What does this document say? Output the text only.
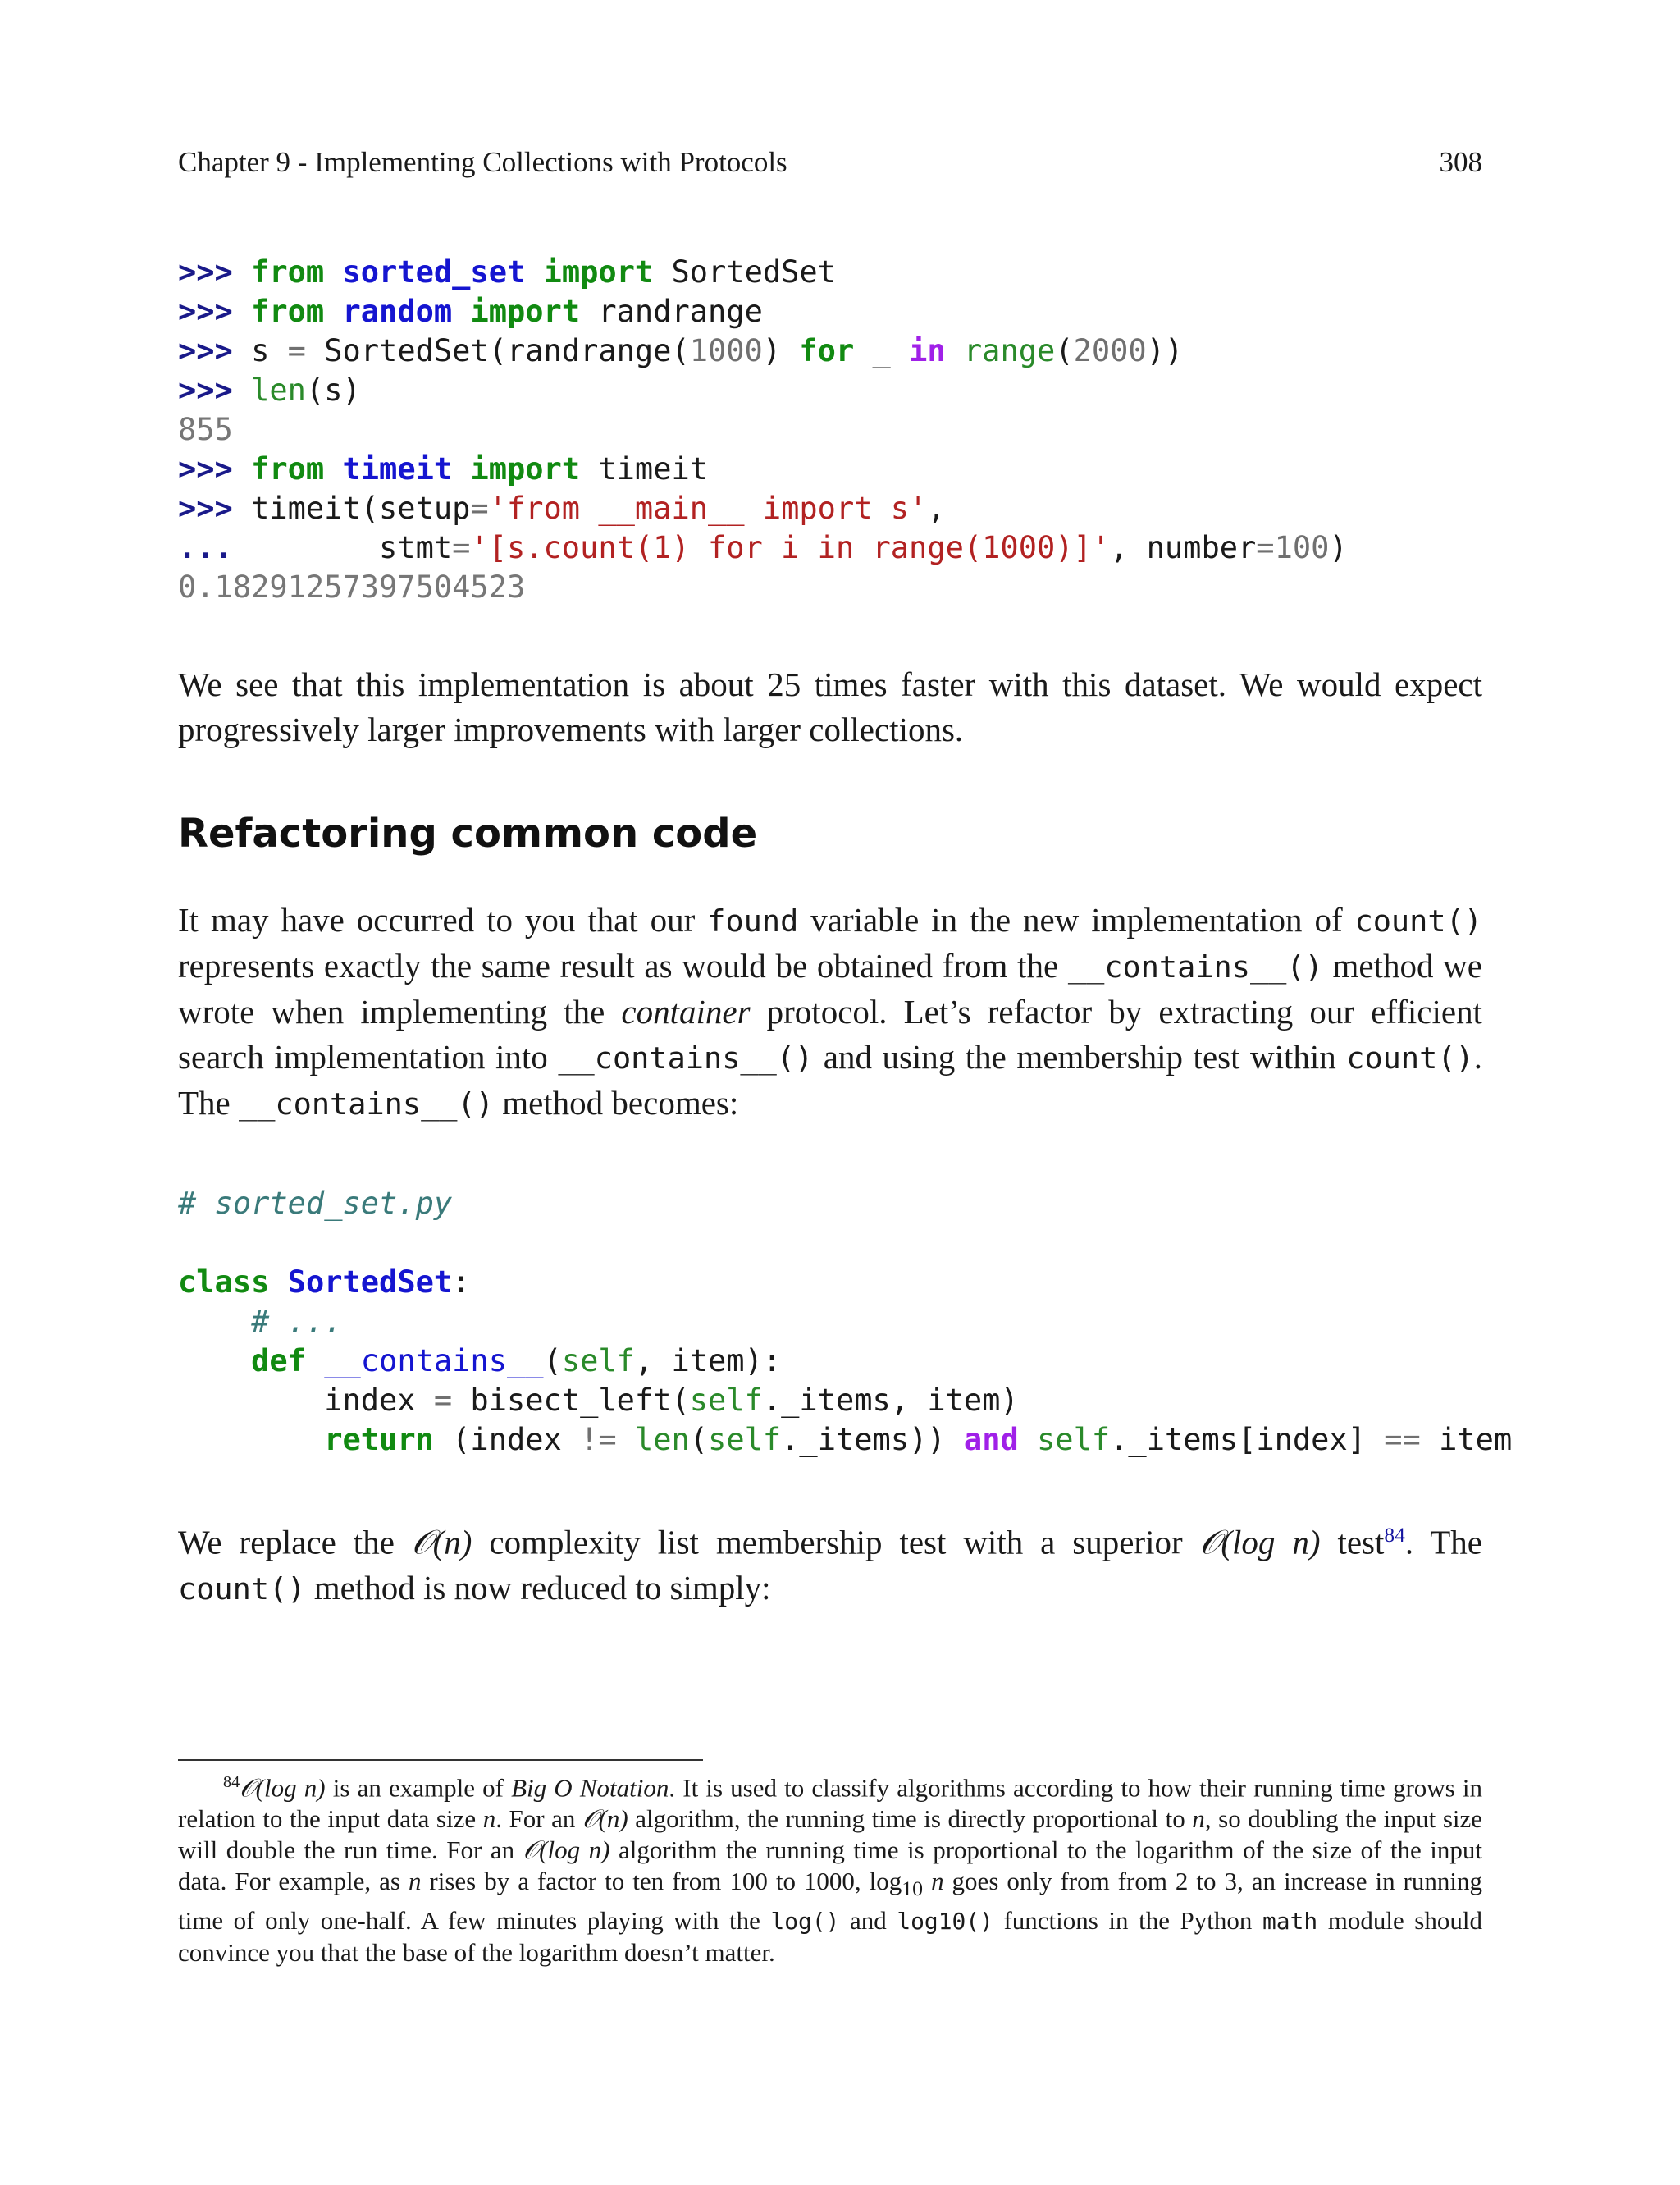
Chapter 9 - Implementing Collections with Protocols	308
>>> from sorted_set import SortedSet
>>> from random import randrange
>>> s = SortedSet(randrange(1000) for _ in range(2000))
>>> len(s)
855
>>> from timeit import timeit
>>> timeit(setup='from __main__ import s',
...        stmt='[s.count(1) for i in range(1000)]', number=100)
0.18291257397504523

We see that this implementation is about 25 times faster with this dataset. We would expect progressively larger improvements with larger collections.

Refactoring common code

It may have occurred to you that our found variable in the new implementation of count() represents exactly the same result as would be obtained from the __contains__() method we wrote when implementing the container protocol. Let’s refactor by extracting our efficient search implementation into __contains__() and using the membership test within count(). The __contains__() method becomes:

# sorted_set.py

class SortedSet:
# ...
def __contains__(self, item):
index = bisect_left(self._items, item)
return (index != len(self._items)) and self._items[index] == item

We replace the 𝒪(n) complexity list membership test with a superior 𝒪(log n) test$^{84}$. The count() method is now reduced to simply:

$^{84}$𝒪(log n) is an example of Big O Notation. It is used to classify algorithms according to how their running time grows in relation to the input data size n. For an 𝒪(n) algorithm, the running time is directly proportional to n, so doubling the input size will double the run time. For an 𝒪(log n) algorithm the running time is proportional to the logarithm of the size of the input data. For example, as n rises by a factor to ten from 100 to 1000, $\log_{10} n$ goes only from from 2 to 3, an increase in running time of only one-half. A few minutes playing with the log() and log10() functions in the Python math module should convince you that the base of the logarithm doesn’t matter.
